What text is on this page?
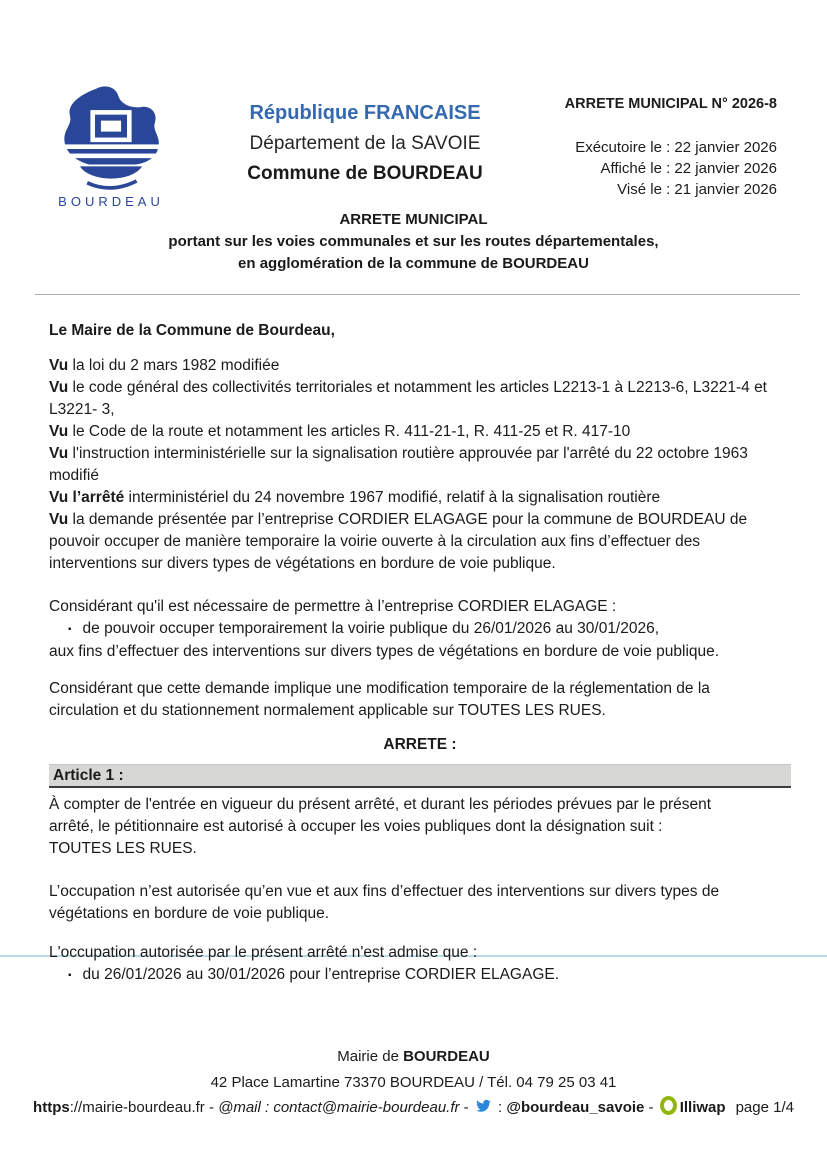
BOURDEAU
République FRANCAISE
Département de la SAVOIE
Commune de BOURDEAU
ARRETE MUNICIPAL N° 2026-8
Exécutoire le : 22 janvier 2026
Affiché le : 22 janvier 2026
Visé le : 21 janvier 2026
ARRETE MUNICIPAL
portant sur les voies communales et sur les routes départementales,
en agglomération de la commune de BOURDEAU
Le Maire de la Commune de Bourdeau,
Vu la loi du 2 mars 1982 modifiée
Vu le code général des collectivités territoriales et notamment les articles L2213-1 à L2213-6, L3221-4 et
L3221- 3,
Vu le Code de la route et notamment les articles R. 411-21-1, R. 411-25 et R. 417-10
Vu l'instruction interministérielle sur la signalisation routière approuvée par l'arrêté du 22 octobre 1963
modifié
Vu l’arrêté interministériel du 24 novembre 1967 modifié, relatif à la signalisation routière
Vu la demande présentée par l’entreprise CORDIER ELAGAGE pour la commune de BOURDEAU de
pouvoir occuper de manière temporaire la voirie ouverte à la circulation aux fins d’effectuer des
interventions sur divers types de végétations en bordure de voie publique.
Considérant qu'il est nécessaire de permettre à l’entreprise CORDIER ELAGAGE :
▪ de pouvoir occuper temporairement la voirie publique du 26/01/2026 au 30/01/2026,
aux fins d’effectuer des interventions sur divers types de végétations en bordure de voie publique.
Considérant que cette demande implique une modification temporaire de la réglementation de la
circulation et du stationnement normalement applicable sur TOUTES LES RUES.
ARRETE :
Article 1 :
À compter de l'entrée en vigueur du présent arrêté, et durant les périodes prévues par le présent
arrêté, le pétitionnaire est autorisé à occuper les voies publiques dont la désignation suit :
TOUTES LES RUES.
L’occupation n’est autorisée qu’en vue et aux fins d’effectuer des interventions sur divers types de
végétations en bordure de voie publique.
L'occupation autorisée par le présent arrêté n'est admise que :
▪ du 26/01/2026 au 30/01/2026 pour l’entreprise CORDIER ELAGAGE.
Mairie de BOURDEAU
42 Place Lamartine 73370 BOURDEAU / Tél. 04 79 25 03 41
https://mairie-bourdeau.fr - @mail : contact@mairie-bourdeau.fr -  : @bourdeau_savoie - Illiwap page 1/4
